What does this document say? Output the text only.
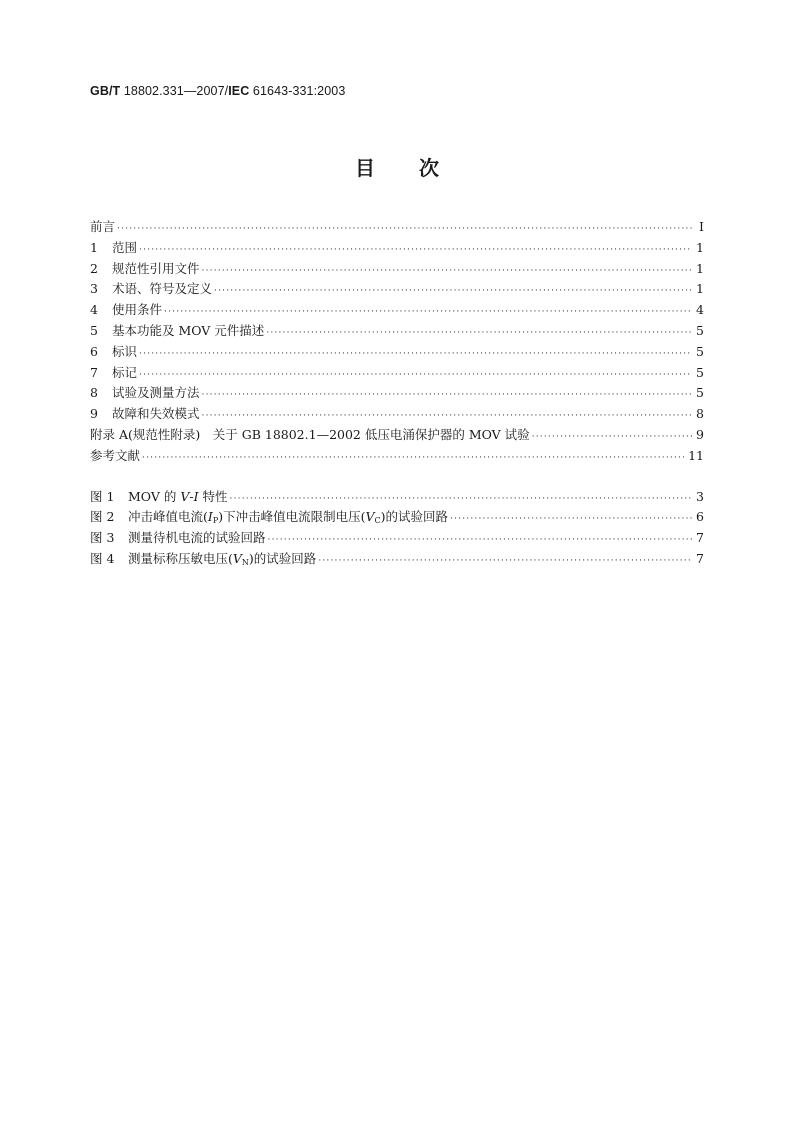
GB/T 18802.331—2007/IEC 61643-331:2003
目次
前言 ·····	Ⅰ
1 范围 ·····	1
2 规范性引用文件 ·····	1
3 术语、符号及定义 ·····	1
4 使用条件 ·····	4
5 基本功能及 MOV 元件描述 ·····	5
6 标识 ·····	5
7 标记 ·····	5
8 试验及测量方法 ·····	5
9 故障和失效模式 ·····	8
附录 A(规范性附录)　关于 GB 18802.1—2002 低压电涌保护器的 MOV 试验 ·····	9
参考文献 ·····	11
图 1 MOV 的 V-I 特性 ·····	3
图 2 冲击峰值电流$(I_P)$下冲击峰值电流限制电压$(V_C)$的试验回路 ·····	6
图 3 测量待机电流的试验回路 ·····	7
图 4 测量标称压敏电压$(V_N)$的试验回路 ·····	7
